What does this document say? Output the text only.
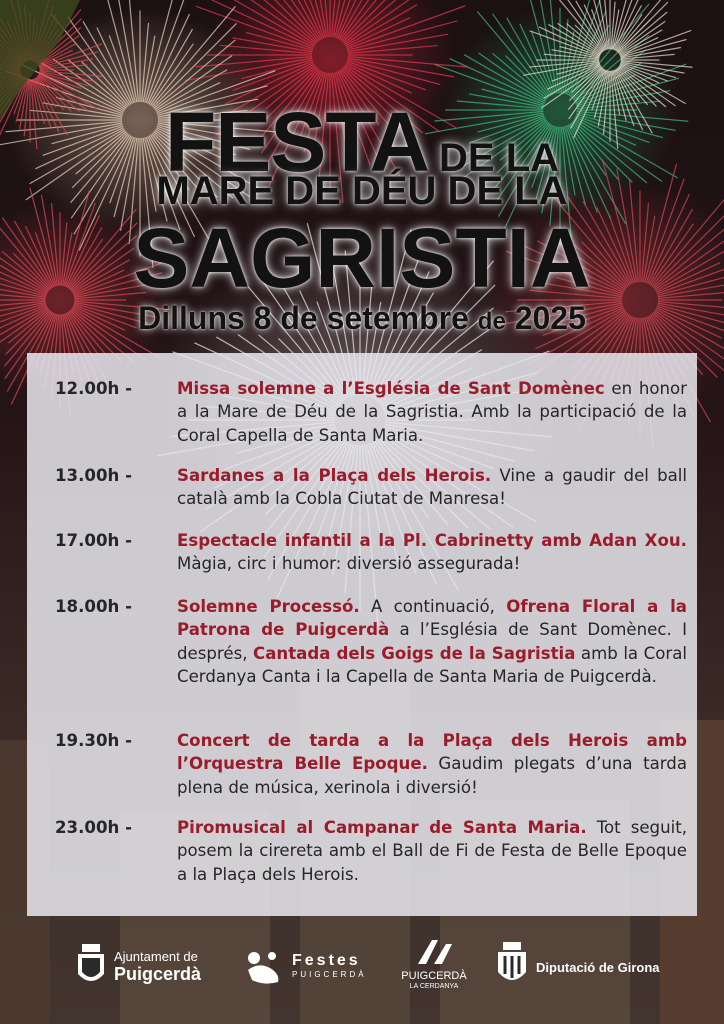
FESTA DE LA
MARE DE DÉU DE LA
SAGRISTIA
Dilluns 8 de setembre de 2025
12.00h -	Missa solemne a l’Església de Sant Domènec en honor a la Mare de Déu de la Sagristia. Amb la participació de la Coral Capella de Santa Maria.
13.00h -	Sardanes a la Plaça dels Herois. Vine a gaudir del ball català amb la Cobla Ciutat de Manresa!
17.00h -	Espectacle infantil a la Pl. Cabrinetty amb Adan Xou. Màgia, circ i humor: diversió assegurada!
18.00h -	Solemne Processó. A continuació, Ofrena Floral a la Patrona de Puigcerdà a l’Església de Sant Domènec. I després, Cantada dels Goigs de la Sagristia amb la Coral Cerdanya Canta i la Capella de Santa Maria de Puigcerdà.
19.30h -	Concert de tarda a la Plaça dels Herois amb l’Orquestra Belle Epoque. Gaudim plegats d’una tarda plena de música, xerinola i diversió!
23.00h -	Piromusical al Campanar de Santa Maria. Tot seguit, posem la cirereta amb el Ball de Fi de Festa de Belle Epoque a la Plaça dels Herois.
Ajuntament de
Puigcerdà
Festes
PUIGCERDÀ	PUIGCERDÀ
LA CERDANYA
Diputació de Girona
